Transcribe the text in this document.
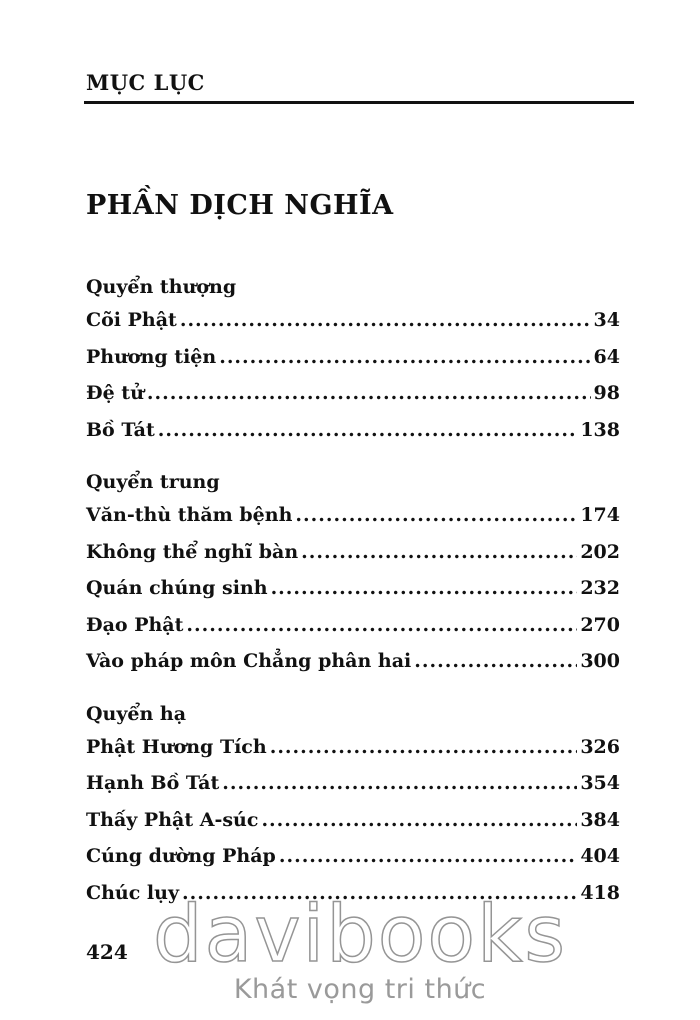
MỤC LỤC
PHẦN DỊCH NGHĨA
Quyển thượng
Cõi Phật .....	34
Phương tiện .....	64
Đệ tử .....	98
Bồ Tát .....	138
Quyển trung
Văn-thù thăm bệnh .....	174
Không thể nghĩ bàn .....	202
Quán chúng sinh .....	232
Đạo Phật .....	270
Vào pháp môn Chẳng phân hai .....	300
Quyển hạ
Phật Hương Tích .....	326
Hạnh Bồ Tát .....	354
Thấy Phật A-súc .....	384
Cúng dường Pháp .....	404
Chúc lụy .....	418
424 davibooks
Khát vọng tri thức
